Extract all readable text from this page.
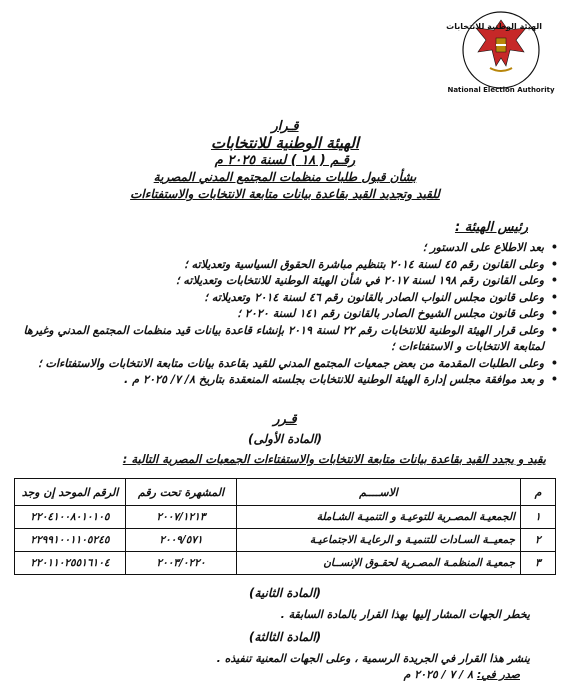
الهيئة الوطنية للانتخابات
National Election Authority

قـرار

الهيئة الوطنية للانتخابات

رقـم ( ١٨ ) لسنة ٢٠٢٥ م

بشأن قبول طلبات منظمات المجتمع المدني المصرية

للقيد وتجديد القيد بقاعدة بيانات متابعة الانتخابات والاستفتاءات

رئيس الهيئة :
•
بعد الاطلاع على الدستور ؛
•
وعلى القانون رقم ٤٥ لسنة ٢٠١٤ بتنظيم مباشرة الحقوق السياسية وتعديلاته ؛
•
وعلى القانون رقم ١٩٨ لسنة ٢٠١٧ في شأن الهيئة الوطنية للانتخابات وتعديلاته ؛
•
وعلى قانون مجلس النواب الصادر بالقانون رقم ٤٦ لسنة ٢٠١٤ وتعديلاته ؛
•
وعلى قانون مجلس الشيوخ الصادر بالقانون رقم ١٤١ لسنة ٢٠٢٠ ؛
•
وعلى قرار الهيئة الوطنية للانتخابات رقم ٢٢ لسنة ٢٠١٩ بإنشاء قاعدة بيانات قيد منظمات المجتمع المدني وغيرها لمتابعة الانتخابات و الاستفتاءات ؛
•
وعلى الطلبات المقدمة من بعض جمعيات المجتمع المدني للقيد بقاعدة بيانات متابعة الانتخابات والاستفتاءات ؛
•
و بعد موافقة مجلس إدارة الهيئة الوطنية للانتخابات بجلسته المنعقدة بتاريخ ٨/ ٧/ ٢٠٢٥ م .
قـرر
(المادة الأولى)
يقيد و يجدد القيد بقاعدة بيانات متابعة الانتخابات والاستفتاءات الجمعيات المصرية التالية :
م	الاســــم	المشهرة تحت رقم	الرقم الموحد إن وجد
١	الجمعيـة المصـرية للتوعيـة و التنميـة الشـاملة	٢٠٠٧/١٢١٣	٢٢٠٤١٠٠٨٠١٠١٠٥
٢	جمعيــة السـادات للتنميـة و الرعايـة الاجتماعيـة	٢٠٠٩/٥٧١	٢٢٩٩١٠٠١١٠٥٢٤٥
٣	جمعيـة المنظمـة المصـرية لحقـوق الإنســان	٢٠٠٣/٠٢٢٠	٢٢٠١١٠٢٥٥١٦١٠٤
(المادة الثانية)
يخطر الجهات المشار إليها بهذا القرار بالمادة السابقة .
(المادة الثالثة)
ينشر هذا القرار في الجريدة الرسمية ، وعلى الجهات المعنية تنفيذه .
صدر في: ٨ / ٧ / ٢٠٢٥ م
